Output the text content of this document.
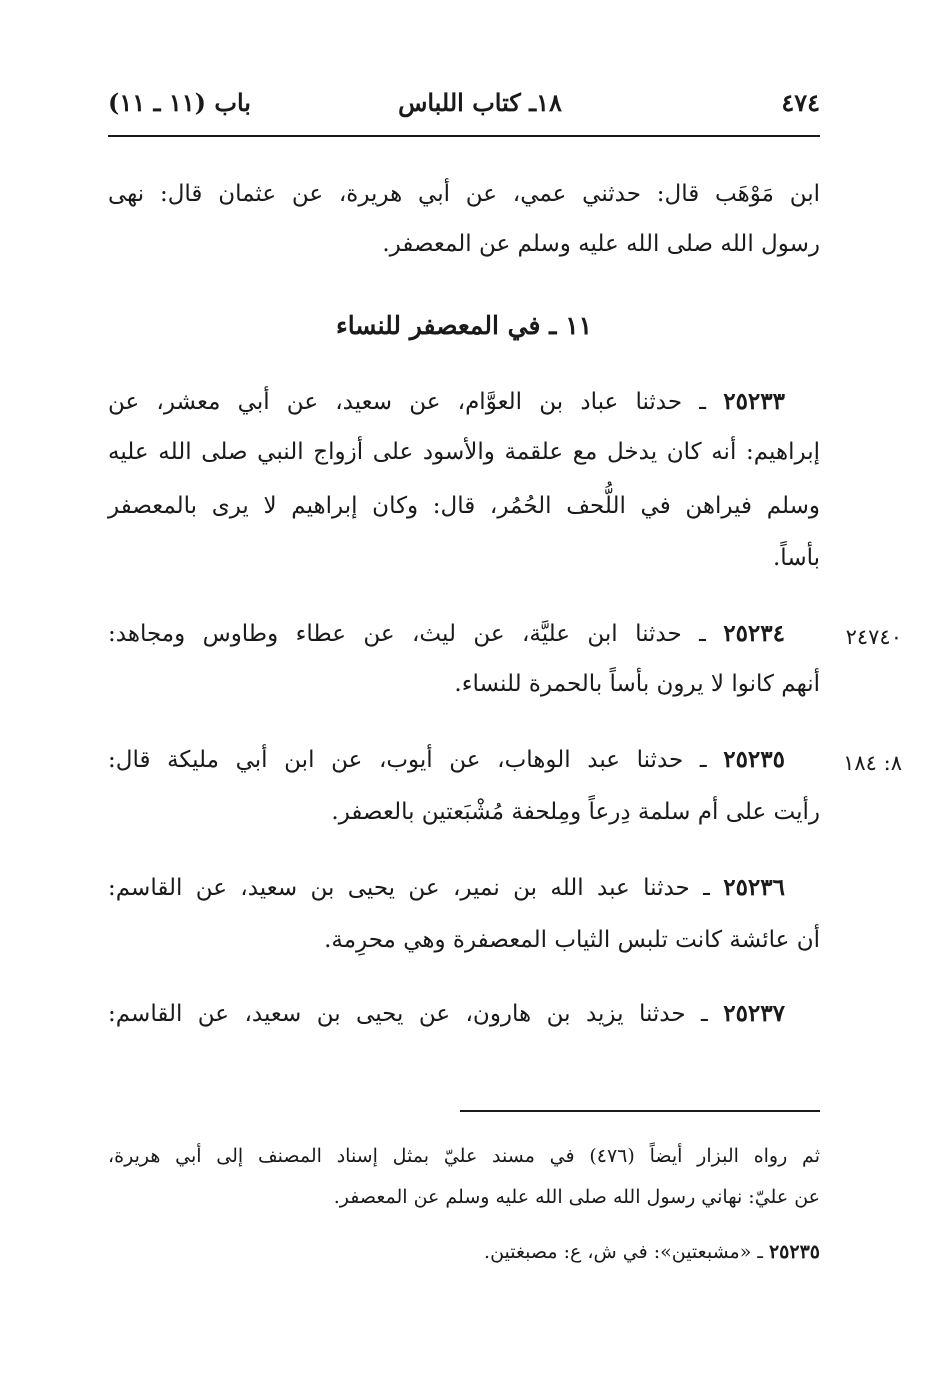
٤٧٤
١٨ـ كتاب اللباس
باب (١١ ـ ١١)
ابن مَوْهَب قال: حدثني عمي، عن أبي هريرة، عن عثمان قال: نهى
رسول الله صلى الله عليه وسلم عن المعصفر.
١١ ـ في المعصفر للنساء
٢٥٢٣٣ ـ حدثنا عباد بن العوَّام، عن سعيد، عن أبي معشر، عن
إبراهيم: أنه كان يدخل مع علقمة والأسود على أزواج النبي صلى الله عليه
وسلم فيراهن في اللُّحف الحُمُر، قال: وكان إبراهيم لا يرى بالمعصفر
بأساً.
٢٤٧٤٠
٢٥٢٣٤ ـ حدثنا ابن عليَّة، عن ليث، عن عطاء وطاوس ومجاهد:
أنهم كانوا لا يرون بأساً بالحمرة للنساء.
٨: ١٨٤
٢٥٢٣٥ ـ حدثنا عبد الوهاب، عن أيوب، عن ابن أبي مليكة قال:
رأيت على أم سلمة دِرعاً ومِلحفة مُشْبَعتين بالعصفر.
٢٥٢٣٦ ـ حدثنا عبد الله بن نمير، عن يحيى بن سعيد، عن القاسم:
أن عائشة كانت تلبس الثياب المعصفرة وهي محرِمة.
٢٥٢٣٧ ـ حدثنا يزيد بن هارون، عن يحيى بن سعيد، عن القاسم:
ثم رواه البزار أيضاً (٤٧٦) في مسند عليّ بمثل إسناد المصنف إلى أبي هريرة،
عن عليّ: نهاني رسول الله صلى الله عليه وسلم عن المعصفر.
٢٥٢٣٥ ـ «مشبعتين»: في ش، ع: مصبغتين.
